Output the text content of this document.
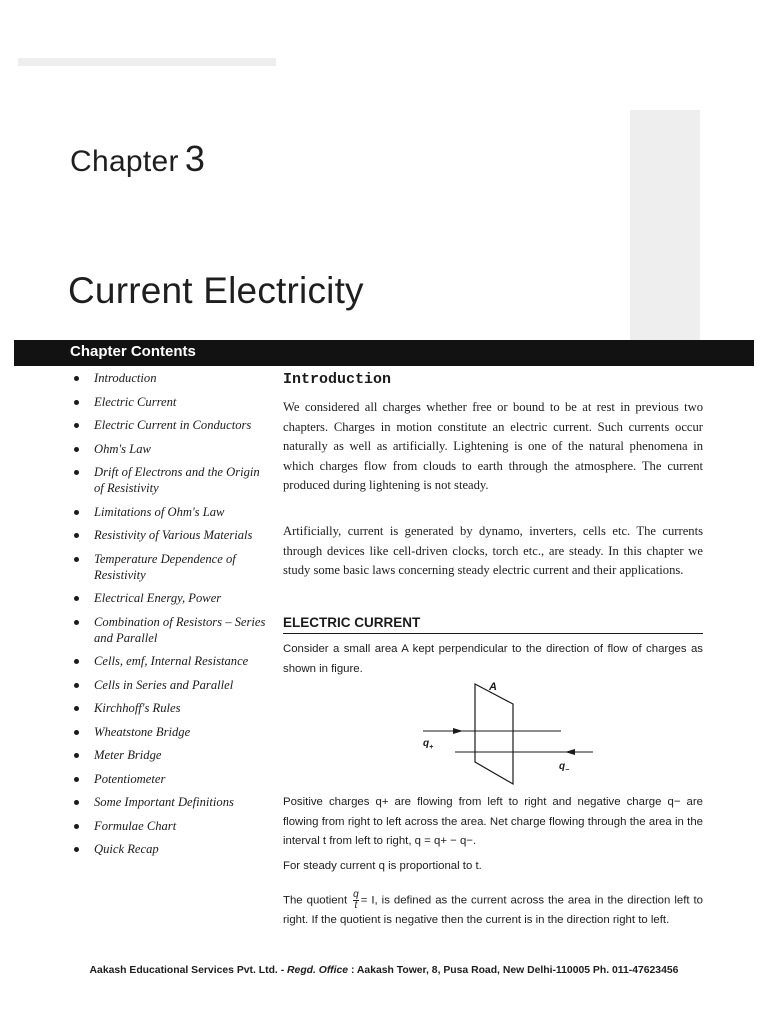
Chapter 3
Current Electricity
Chapter Contents
Introduction
Electric Current
Electric Current in Conductors
Ohm's Law
Drift of Electrons and the Origin of Resistivity
Limitations of Ohm's Law
Resistivity of Various Materials
Temperature Dependence of Resistivity
Electrical Energy, Power
Combination of Resistors – Series and Parallel
Cells, emf, Internal Resistance
Cells in Series and Parallel
Kirchhoff's Rules
Wheatstone Bridge
Meter Bridge
Potentiometer
Some Important Definitions
Formulae Chart
Quick Recap
Introduction

We considered all charges whether free or bound to be at rest in previous two chapters. Charges in motion constitute an electric current. Such currents occur naturally as well as artificially. Lightening is one of the natural phenomena in which charges flow from clouds to earth through the atmosphere. The current produced during lightening is not steady.

Artificially, current is generated by dynamo, inverters, cells etc. The currents through devices like cell-driven clocks, torch etc., are steady. In this chapter we study some basic laws concerning steady electric current and their applications.

ELECTRIC CURRENT

Consider a small area A kept perpendicular to the direction of flow of charges as shown in figure.

A
$q_+$
$q_-$

Positive charges q+ are flowing from left to right and negative charge q− are flowing from right to left across the area. Net charge flowing through the area in the interval t from left to right, q = q+ − q−.

For steady current q is proportional to t.

The quotient $\frac{q}{t} = I$, is defined as the current across the area in the direction left to right. If the quotient is negative then the current is in the direction right to left.

Aakash Educational Services Pvt. Ltd. - Regd. Office : Aakash Tower, 8, Pusa Road, New Delhi-110005 Ph. 011-47623456
